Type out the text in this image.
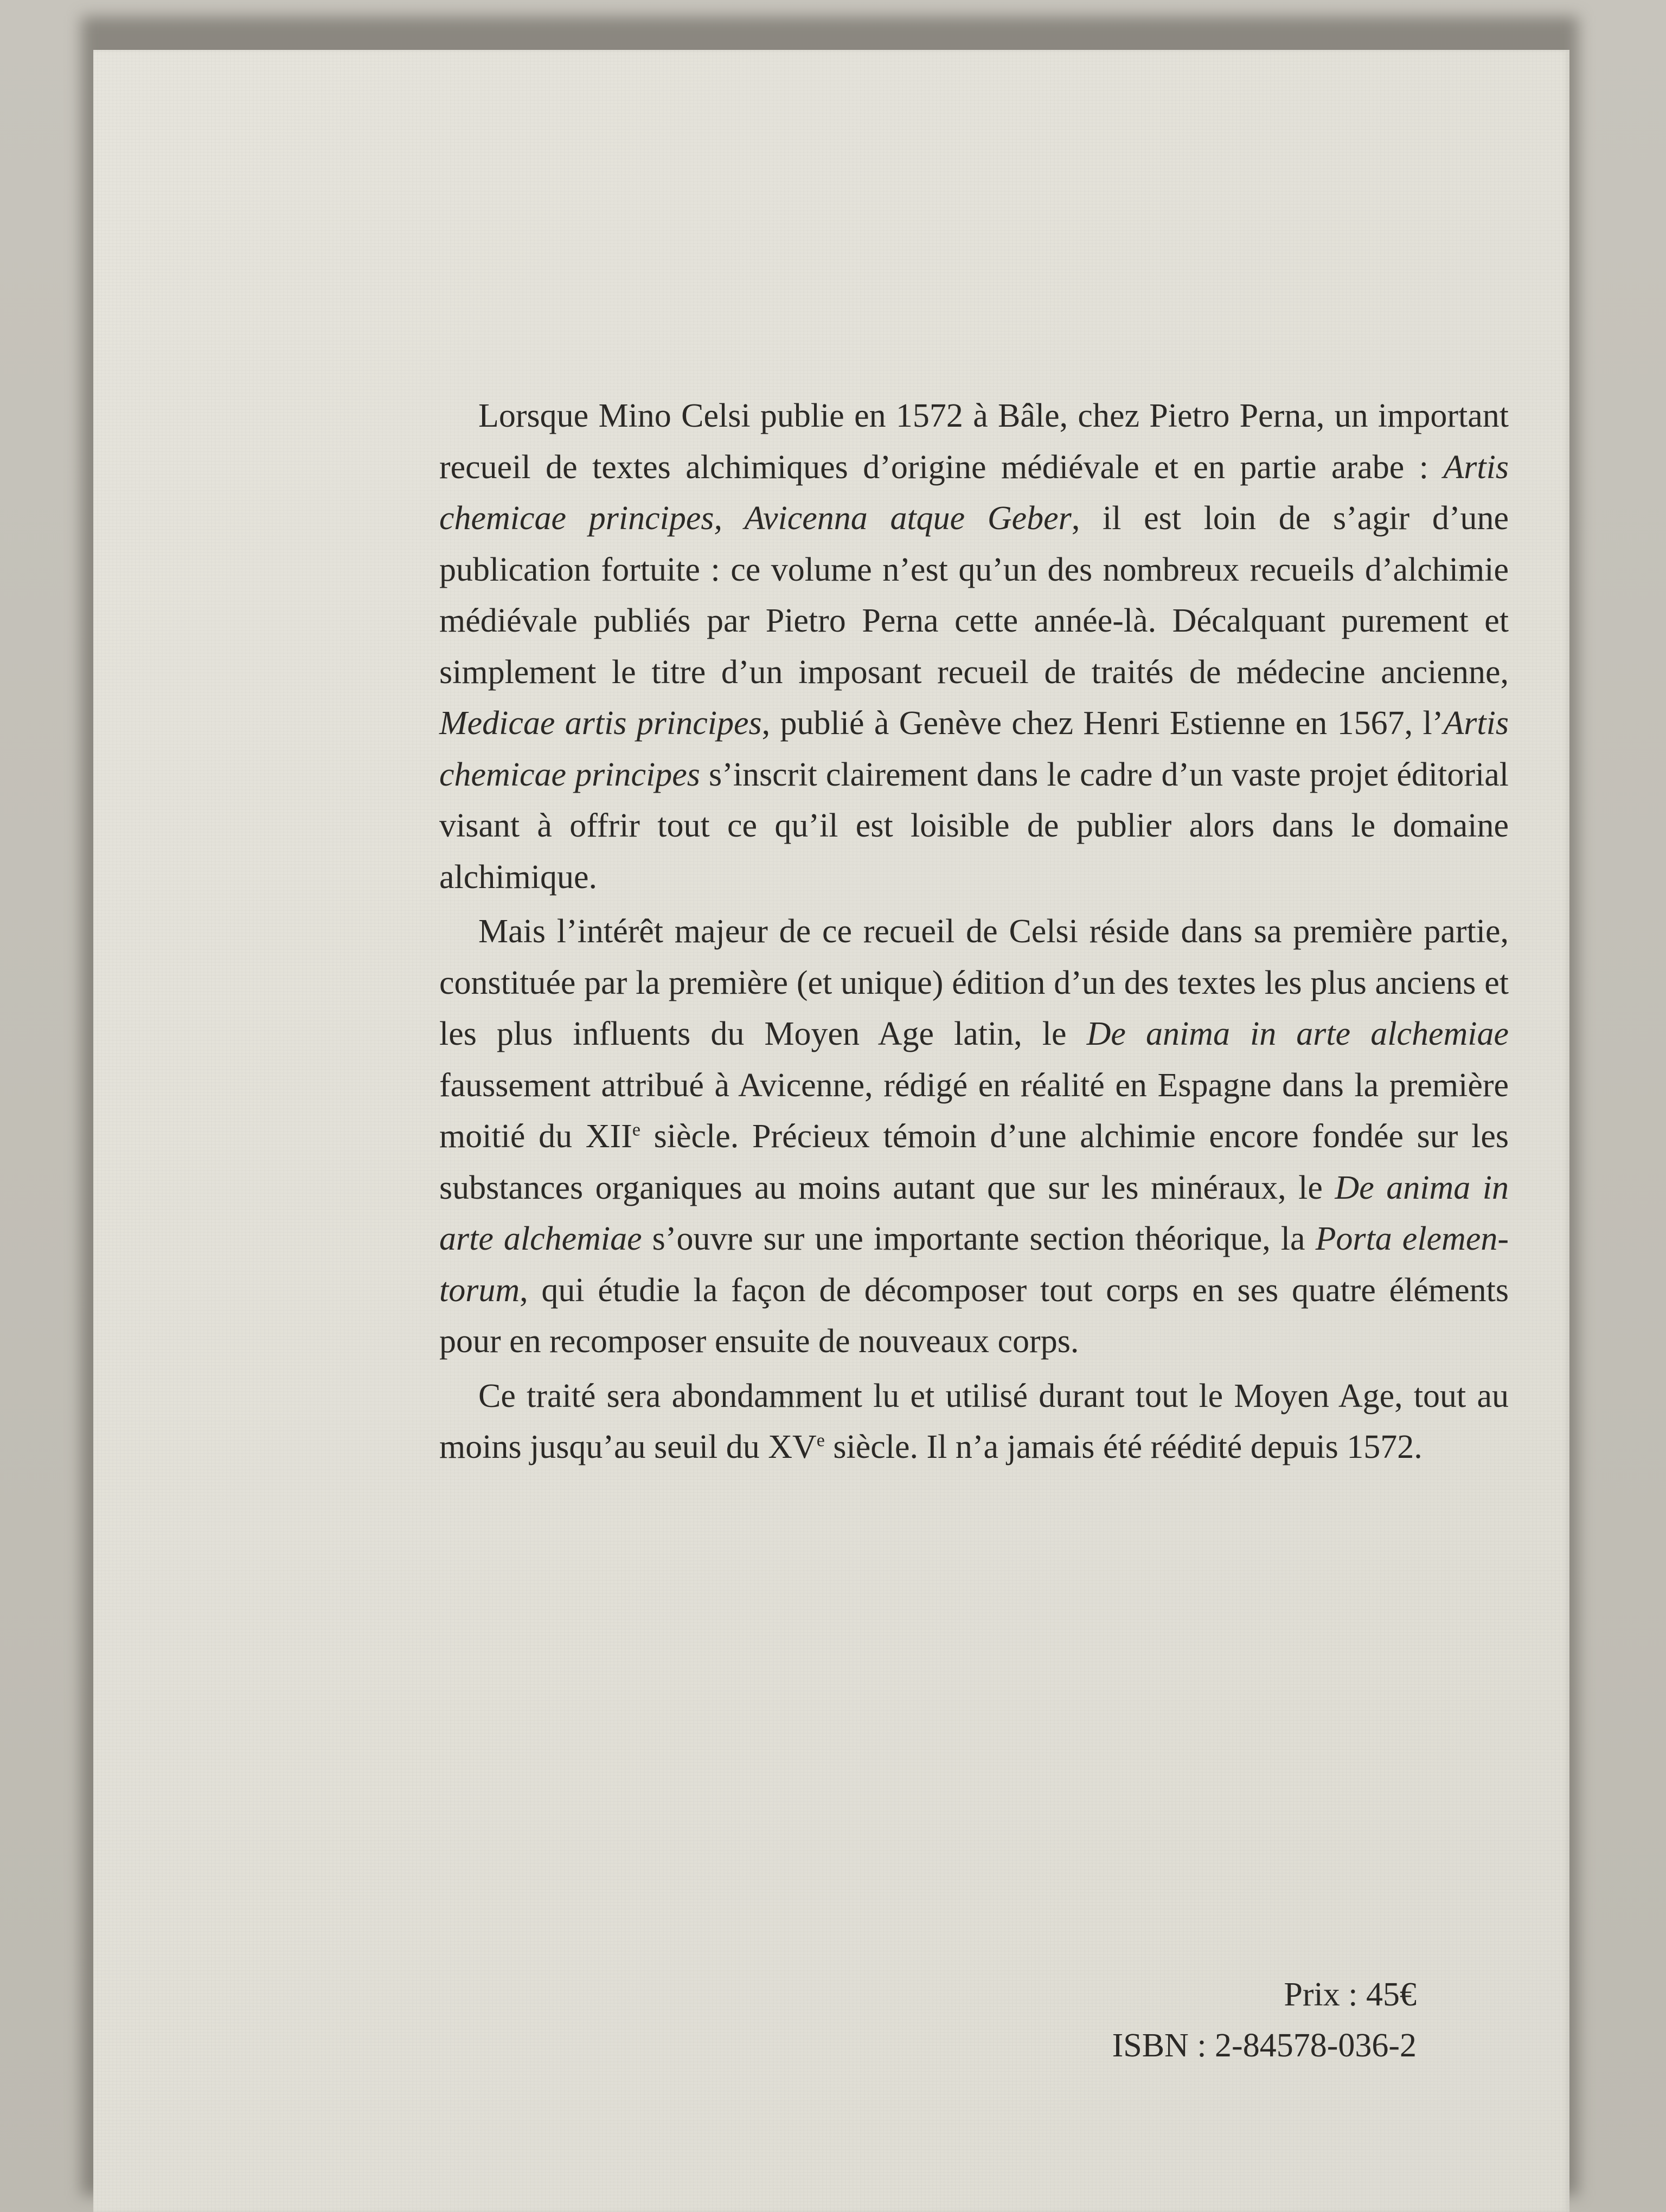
Lorsque Mino Celsi publie en 1572 à Bâle, chez Pietro Perna, un important recueil de textes alchimiques d’origine médiévale et en partie arabe : Artis chemicae principes, Avicenna atque Geber, il est loin de s’agir d’une publication fortuite : ce volume n’est qu’un des nombreux recueils d’alchimie médiévale publiés par Pietro Perna cette année-là. Décalquant purement et simplement le titre d’un imposant recueil de traités de médecine ancienne, Medicae artis principes, publié à Genève chez Henri Estienne en 1567, l’Artis chemicae principes s’inscrit clairement dans le cadre d’un vaste projet éditorial visant à offrir tout ce qu’il est loisible de publier alors dans le domaine alchimique.

Mais l’intérêt majeur de ce recueil de Celsi réside dans sa première partie, constituée par la première (et unique) édition d’un des textes les plus anciens et les plus influents du Moyen Age latin, le De anima in arte alchemiae faussement attribué à Avicenne, rédigé en réalité en Espagne dans la première moitié du XIIe siècle. Précieux témoin d’une alchimie encore fondée sur les substances organiques au moins autant que sur les minéraux, le De anima in arte alchemiae s’ouvre sur une importante section théorique, la Porta elementorum, qui étudie la façon de décomposer tout corps en ses quatre éléments pour en recomposer ensuite de nouveaux corps.

Ce traité sera abondamment lu et utilisé durant tout le Moyen Age, tout au moins jusqu’au seuil du XVe siècle. Il n’a jamais été réédité depuis 1572.

Prix : 45€
ISBN : 2-84578-036-2
